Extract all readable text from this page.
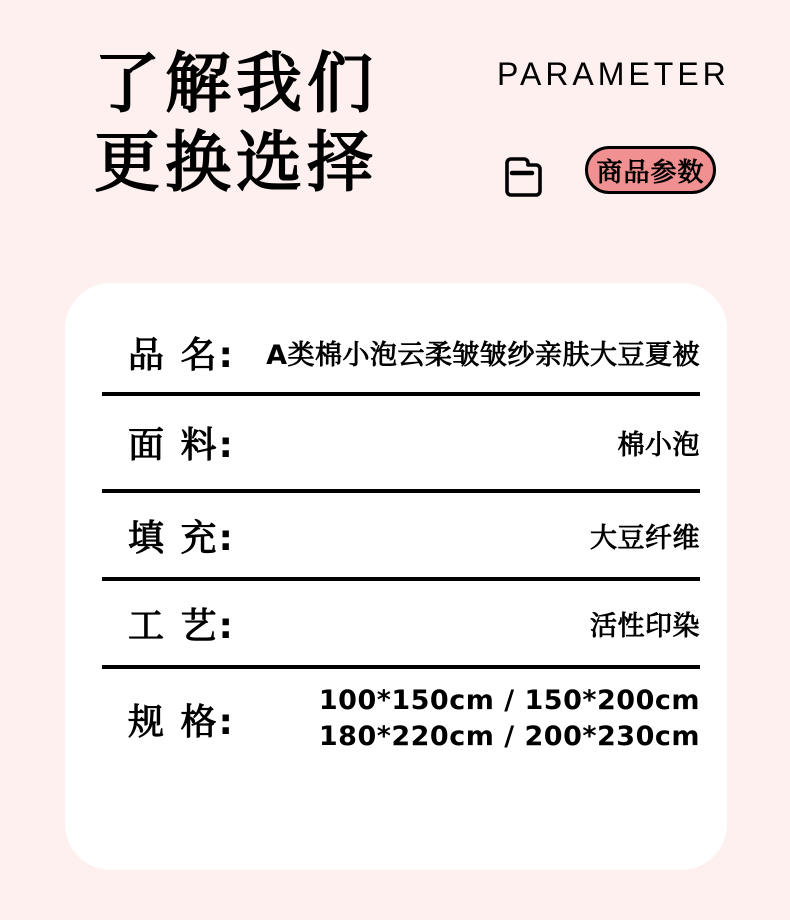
了解我们
更换选择
PARAMETER
商品参数
品 名: A类棉小泡云柔皱皱纱亲肤大豆夏被
面 料:	棉小泡
填 充:	大豆纤维
工 艺:	活性印染
规 格:
100*150cm / 150*200cm
180*220cm / 200*230cm
